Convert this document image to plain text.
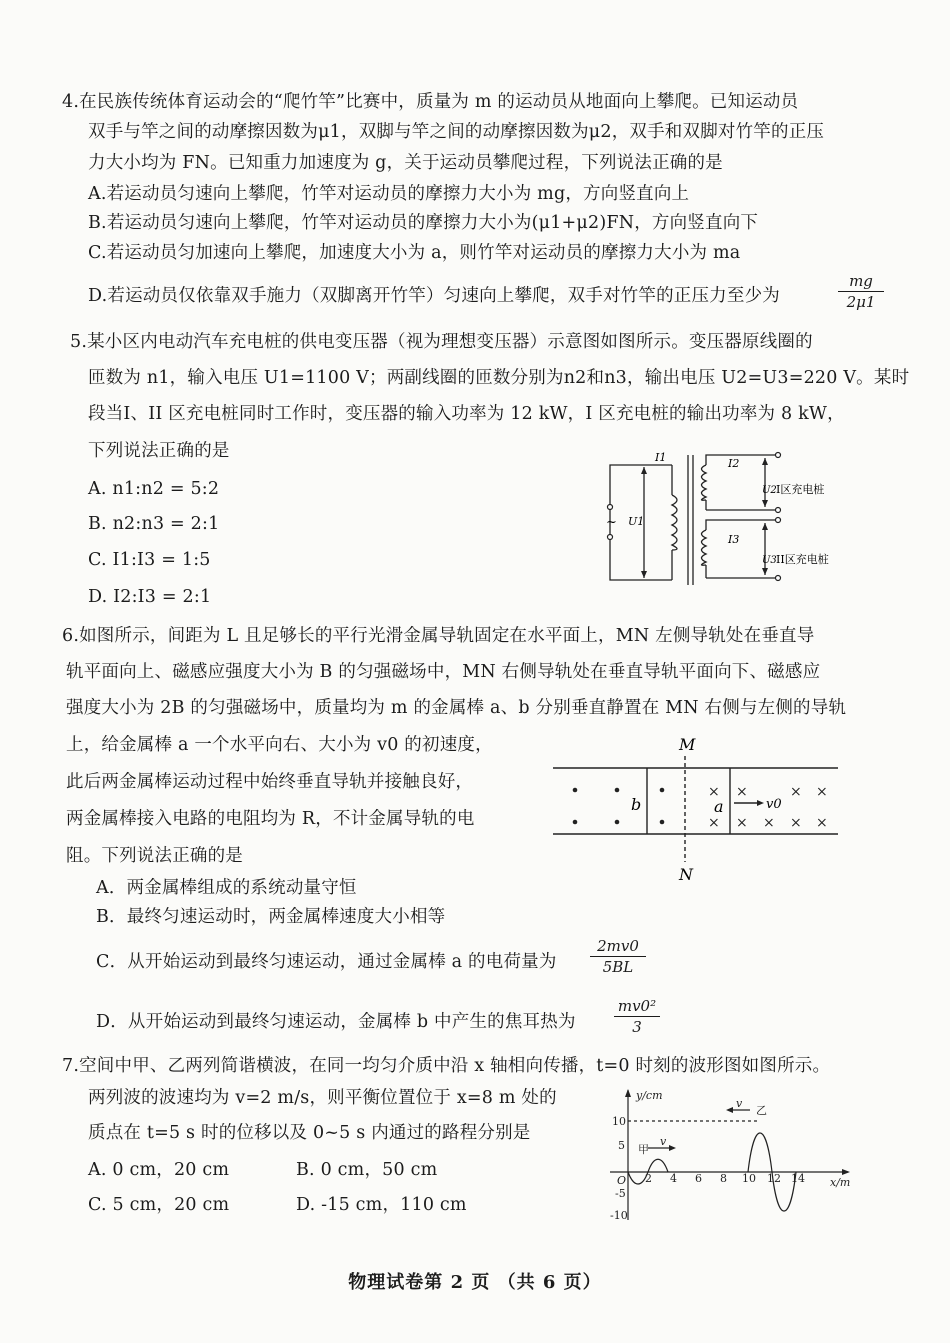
4.在民族传统体育运动会的“爬竹竿”比赛中，质量为 m 的运动员从地面向上攀爬。已知运动员
双手与竿之间的动摩擦因数为μ1，双脚与竿之间的动摩擦因数为μ2，双手和双脚对竹竿的正压
力大小均为 FN。已知重力加速度为 g，关于运动员攀爬过程，下列说法正确的是
A.若运动员匀速向上攀爬，竹竿对运动员的摩擦力大小为 mg，方向竖直向上
B.若运动员匀速向上攀爬，竹竿对运动员的摩擦力大小为(μ1+μ2)FN，方向竖直向下
C.若运动员匀加速向上攀爬，加速度大小为 a，则竹竿对运动员的摩擦力大小为 ma
D.若运动员仅依靠双手施力（双脚离开竹竿）匀速向上攀爬，双手对竹竿的正压力至少为
mg
2μ1
5.某小区内电动汽车充电桩的供电变压器（视为理想变压器）示意图如图所示。变压器原线圈的
匝数为 n1，输入电压 U1=1100 V；两副线圈的匝数分别为n2和n3，输出电压 U2=U3=220 V。某时
段当I、II 区充电桩同时工作时，变压器的输入功率为 12 kW，I 区充电桩的输出功率为 8 kW，
下列说法正确的是
A. n1:n2 = 5:2
B. n2:n3 = 2:1
C. I1:I3 = 1:5
D. I2:I3 = 2:1
~
I1	I2
I3
U1
U2
U3
I区充电桩
II区充电桩
6.如图所示，间距为 L 且足够长的平行光滑金属导轨固定在水平面上，MN 左侧导轨处在垂直导
轨平面向上、磁感应强度大小为 B 的匀强磁场中，MN 右侧导轨处在垂直导轨平面向下、磁感应
强度大小为 2B 的匀强磁场中，质量均为 m 的金属棒 a、b 分别垂直静置在 MN 右侧与左侧的导轨
上，给金属棒 a 一个水平向右、大小为 v0 的初速度，
此后两金属棒运动过程中始终垂直导轨并接触良好，
两金属棒接入电路的电阻均为 R，不计金属导轨的电
阻。下列说法正确的是
A．两金属棒组成的系统动量守恒
B．最终匀速运动时，两金属棒速度大小相等
C．从开始运动到最终匀速运动，通过金属棒 a 的电荷量为
2mv0
5BL
D．从开始运动到最终匀速运动，金属棒 b 中产生的焦耳热为
mv0²
3
× ×	× ×
× × × × ×
M
N
b	a	v0
7.空间中甲、乙两列简谐横波，在同一均匀介质中沿 x 轴相向传播，t=0 时刻的波形图如图所示。
两列波的波速均为 v=2 m/s，则平衡位置位于 x=8 m 处的
质点在 t=5 s 时的位移以及 0~5 s 内通过的路程分别是
A. 0 cm，20 cm	B. 0 cm，50 cm
C. 5 cm，20 cm	D. -15 cm，110 cm
y/cm
x/m
O
10
5
-5
-10
2 4 6 8 10 12 14
甲
v
乙
v
物理试卷第 2 页 （共 6 页）
